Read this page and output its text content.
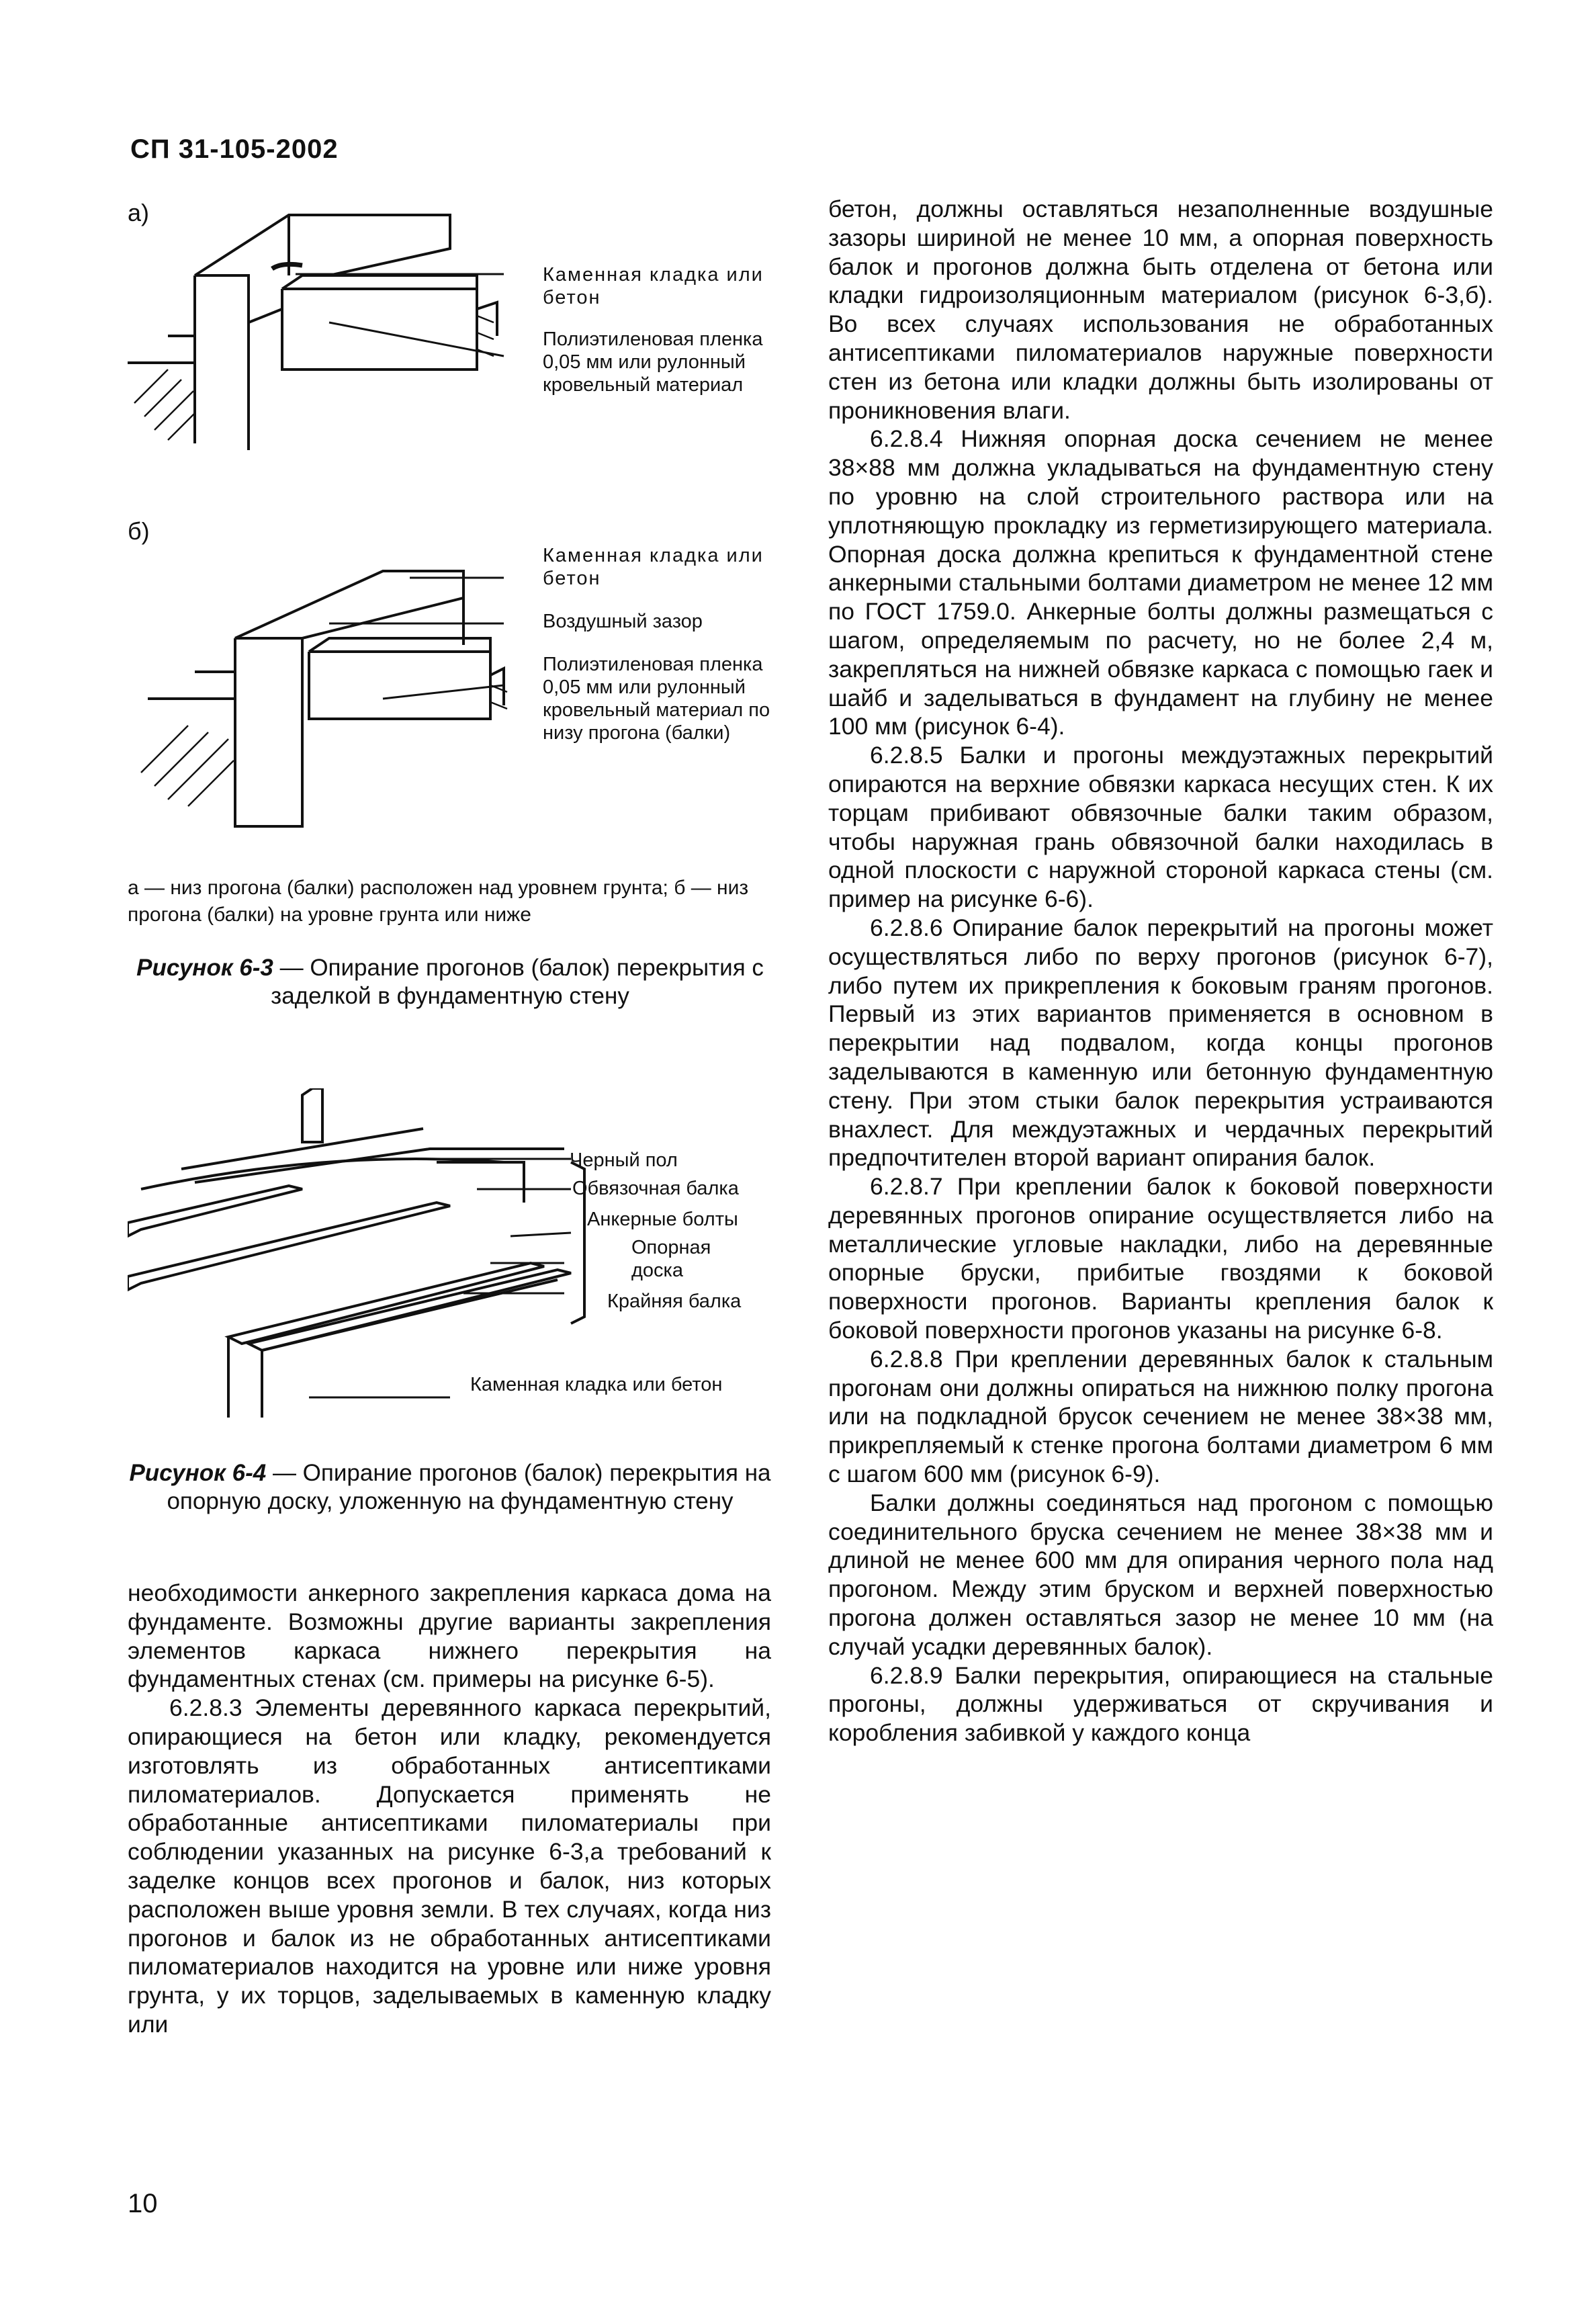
СП 31-105-2002
а)
Каменная кладка или бетон
Полиэтиленовая пленка 0,05 мм или рулонный кровельный материал
б)
Каменная кладка или бетон
Воздушный зазор
Полиэтиленовая пленка 0,05 мм или рулонный кровельный материал по низу прогона (балки)
а — низ прогона (балки) расположен над уровнем грунта; б — низ прогона (балки) на уровне грунта или ниже
Рисунок 6-3 — Опирание прогонов (балок) перекрытия с заделкой в фундаментную стену
Черный пол
Обвязочная балка
Анкерные болты
Опорная доска
Крайняя балка
Каменная кладка или бетон
Рисунок 6-4 — Опирание прогонов (балок) перекрытия на опорную доску, уложенную на фундаментную стену

необходимости анкерного закрепления каркаса дома на фундаменте. Возможны другие варианты закрепления элементов каркаса нижнего перекрытия на фундаментных стенах (см. примеры на рисунке 6-5).

6.2.8.3 Элементы деревянного каркаса перекрытий, опирающиеся на бетон или кладку, рекомендуется изготовлять из обработанных антисептиками пиломатериалов. Допускается применять не обработанные антисептиками пиломатериалы при соблюдении указанных на рисунке 6-3,а требований к заделке концов всех прогонов и балок, низ которых расположен выше уровня земли. В тех случаях, когда низ прогонов и балок из не обработанных антисептиками пиломатериалов находится на уровне или ниже уровня грунта, у их торцов, заделываемых в каменную кладку или

бетон, должны оставляться незаполненные воздушные зазоры шириной не менее 10 мм, а опорная поверхность балок и прогонов должна быть отделена от бетона или кладки гидроизоляционным материалом (рисунок 6-3,б). Во всех случаях использования не обработанных антисептиками пиломатериалов наружные поверхности стен из бетона или кладки должны быть изолированы от проникновения влаги.

6.2.8.4 Нижняя опорная доска сечением не менее 38×88 мм должна укладываться на фундаментную стену по уровню на слой строительного раствора или на уплотняющую прокладку из герметизирующего материала. Опорная доска должна крепиться к фундаментной стене анкерными стальными болтами диаметром не менее 12 мм по ГОСТ 1759.0. Анкерные болты должны размещаться с шагом, определяемым по расчету, но не более 2,4 м, закрепляться на нижней обвязке каркаса с помощью гаек и шайб и заделываться в фундамент на глубину не менее 100 мм (рисунок 6-4).

6.2.8.5 Балки и прогоны междуэтажных перекрытий опираются на верхние обвязки каркаса несущих стен. К их торцам прибивают обвязочные балки таким образом, чтобы наружная грань обвязочной балки находилась в одной плоскости с наружной стороной каркаса стены (см. пример на рисунке 6-6).

6.2.8.6 Опирание балок перекрытий на прогоны может осуществляться либо по верху прогонов (рисунок 6-7), либо путем их прикрепления к боковым граням прогонов. Первый из этих вариантов применяется в основном в перекрытии над подвалом, когда концы прогонов заделываются в каменную или бетонную фундаментную стену. При этом стыки балок перекрытия устраиваются внахлест. Для междуэтажных и чердачных перекрытий предпочтителен второй вариант опирания балок.

6.2.8.7 При креплении балок к боковой поверхности деревянных прогонов опирание осуществляется либо на металлические угловые накладки, либо на деревянные опорные бруски, прибитые гвоздями к боковой поверхности прогонов. Варианты крепления балок к боковой поверхности прогонов указаны на рисунке 6-8.

6.2.8.8 При креплении деревянных балок к стальным прогонам они должны опираться на нижнюю полку прогона или на подкладной брусок сечением не менее 38×38 мм, прикрепляемый к стенке прогона болтами диаметром 6 мм с шагом 600 мм (рисунок 6-9).

Балки должны соединяться над прогоном с помощью соединительного бруска сечением не менее 38×38 мм и длиной не менее 600 мм для опирания черного пола над прогоном. Между этим бруском и верхней поверхностью прогона должен оставляться зазор не менее 10 мм (на случай усадки деревянных балок).

6.2.8.9 Балки перекрытия, опирающиеся на стальные прогоны, должны удерживаться от скручивания и коробления забивкой у каждого конца

10
